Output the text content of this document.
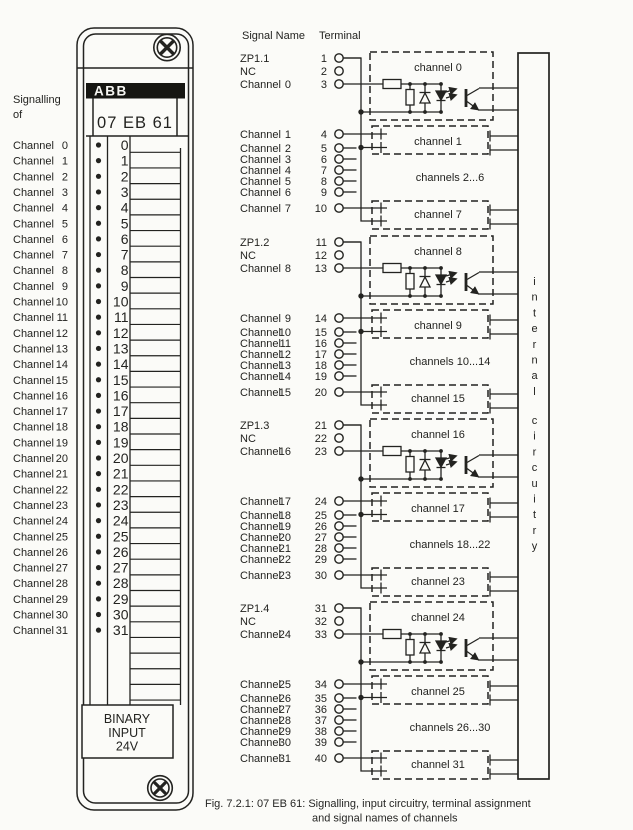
ABB
07 EB 61
BINARY
INPUT
24V
Signalling
of
Signal Name Terminal
Fig. 7.2.1: 07 EB 61: Signalling, input circuitry, terminal assignment
and signal names of channels
Channel 0
Channel 1
Channel 2
Channel 3
Channel 4
Channel 5
Channel 6
Channel 7
Channel 8
Channel 9
Channel 10
Channel 11
Channel 12
Channel 13
Channel 14
Channel 15
Channel 16
Channel 17
Channel 18
Channel 19
Channel 20
Channel 21
Channel 22
Channel 23
Channel 24
Channel 25
Channel 26
Channel 27
Channel 28
Channel 29
Channel 30
Channel 31
0
1
2
3
4
5
6
7
8
9
10
11
12
13
14
15
16
17
18
19
20
21
22
23
24
25
26
27
28
29
30
31
ZP1.1	1
NC	2
Channel 0	3
Channel 1	4
Channel 2	5
Channel 3	6
Channel 4	7
Channel 5	8
Channel 6	9
Channel 7 10
ZP1.2	11
NC	12
Channel 8 13
Channel 9 14
Channel10 15
Channel11 16
Channel12 17
Channel13 18
Channel14 19
Channel15 20
ZP1.3	21
NC	22
Channel16 23
Channel17 24
Channel18 25
Channel19 26
Channel20 27
Channel21 28
Channel22 29
Channel23 30
ZP1.4	31
NC	32
Channel24 33
Channel25 34
Channel26 35
Channel27 36
Channel28 37
Channel29 38
Channel30 39
Channel31 40
channel 0
channel 1
channels 2...6
channel 7
channel 8
channel 9
channels 10...14
channel 15
channel 16
channel 17
channels 18...22
channel 23
channel 24
channel 25
channels 26...30
channel 31
i
n
t
e
r
n
a
l
c
i
r
c
u
i
t
r
y
